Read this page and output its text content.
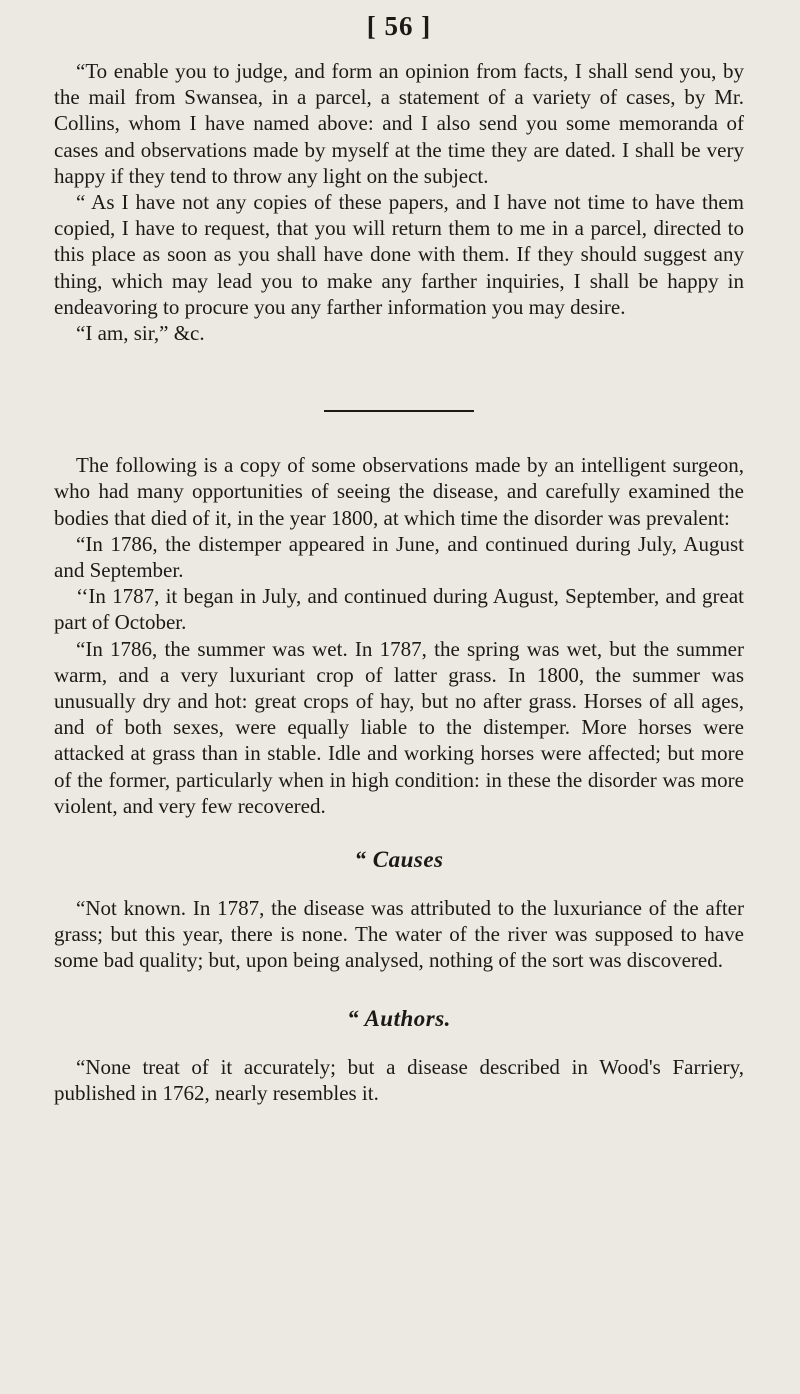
[ 56 ]

“To enable you to judge, and form an opinion from facts, I shall send you, by the mail from Swansea, in a parcel, a statement of a variety of cases, by Mr. Collins, whom I have named above: and I also send you some memoranda of cases and observations made by myself at the time they are dated. I shall be very happy if they tend to throw any light on the subject.

“ As I have not any copies of these papers, and I have not time to have them copied, I have to request, that you will return them to me in a parcel, directed to this place as soon as you shall have done with them. If they should suggest any thing, which may lead you to make any farther inquiries, I shall be happy in endeavoring to procure you any farther information you may desire.

“I am, sir,” &c.

The following is a copy of some observations made by an intelligent surgeon, who had many opportunities of seeing the disease, and carefully examined the bodies that died of it, in the year 1800, at which time the disorder was prevalent:

“In 1786, the distemper appeared in June, and continued during July, August and September.

‘‘In 1787, it began in July, and continued during August, September, and great part of October.

“In 1786, the summer was wet. In 1787, the spring was wet, but the summer warm, and a very luxuriant crop of latter grass. In 1800, the summer was unusually dry and hot: great crops of hay, but no after grass. Horses of all ages, and of both sexes, were equally liable to the distemper. More horses were attacked at grass than in stable. Idle and working horses were affected; but more of the former, particularly when in high condition: in these the disorder was more violent, and very few recovered.

“ Causes

“Not known. In 1787, the disease was attributed to the luxuriance of the after grass; but this year, there is none. The water of the river was supposed to have some bad quality; but, upon being analysed, nothing of the sort was discovered.

“ Authors.

“None treat of it accurately; but a disease described in Wood's Farriery, published in 1762, nearly resembles it.
